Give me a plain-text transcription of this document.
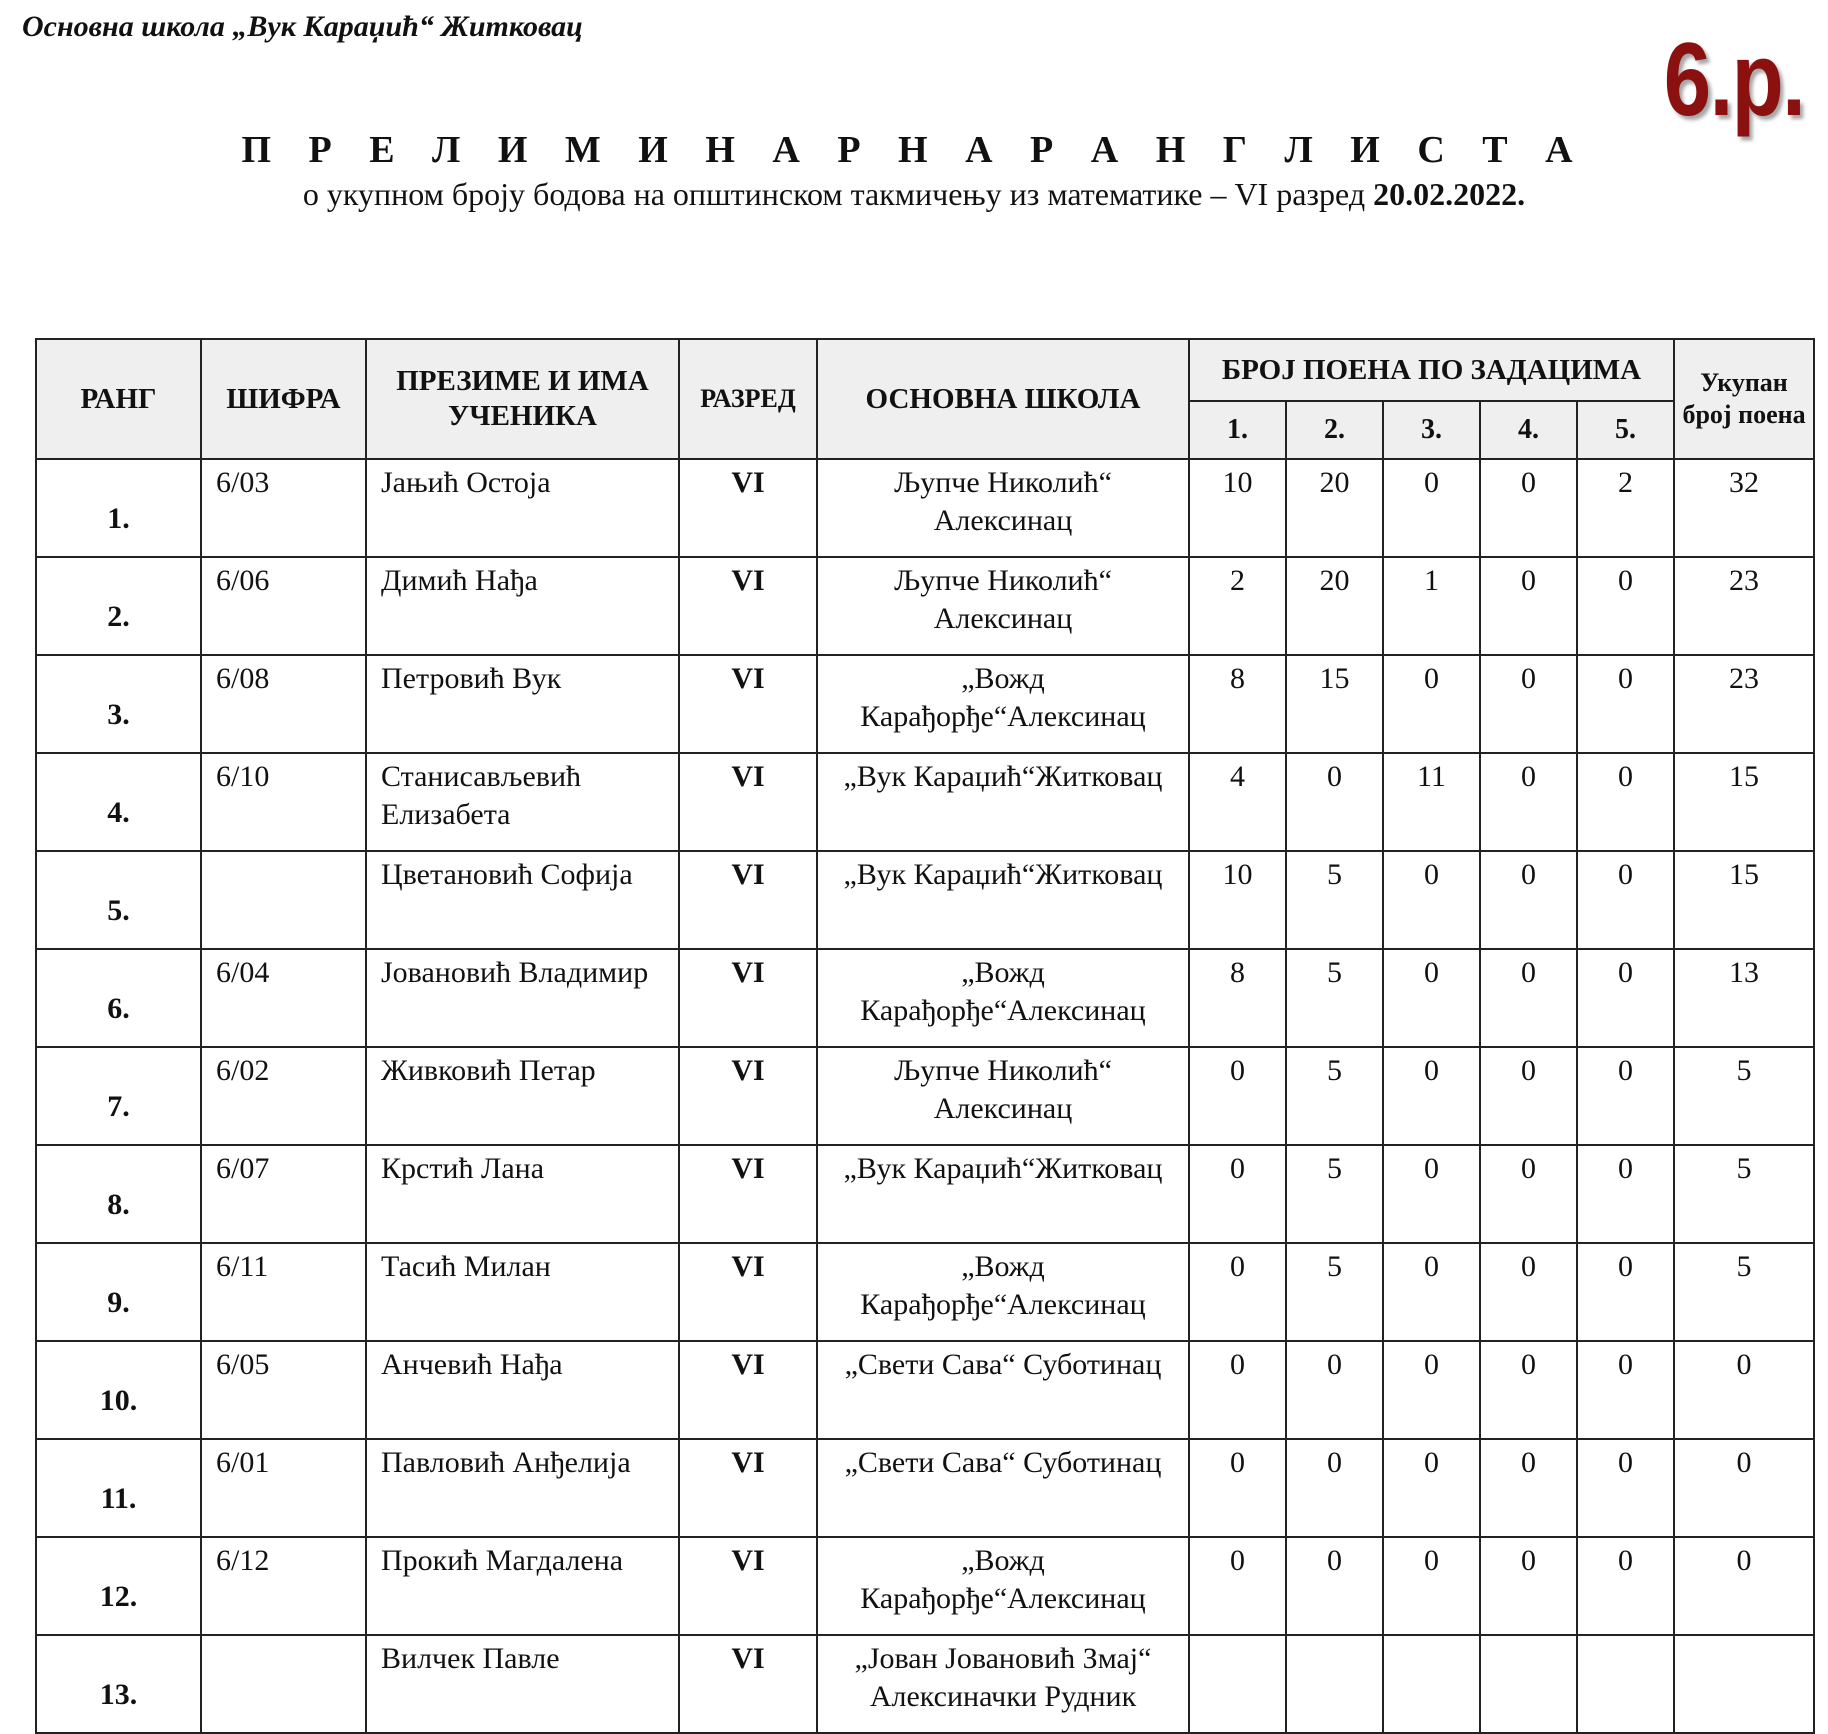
Основна школа „Вук Караџић“ Житковац	6.р.
П Р Е Л И М И Н А Р Н А Р А Н Г Л И С Т А
о укупном броју бодова на општинском такмичењу из математике – VI разред 20.02.2022.
РАНГ	ШИФРА	ПРЕЗИМЕ И ИМА УЧЕНИКА	РАЗРЕД	ОСНОВНА ШКОЛА	БРОЈ ПОЕНА ПО ЗАДАЦИМА					Укупан број поена
					1.	2.	3.	4.	5.	
1.	6/03	Јањић Остоја	VI	Љупче Николић“ Алексинац	10	20	0	0	2	32
2.	6/06	Димић Нађа	VI	Љупче Николић“ Алексинац	2	20	1	0	0	23
3.	6/08	Петровић Вук	VI	„Вожд Карађорђе“Алексинац	8	15	0	0	0	23
4.	6/10	Станисављевић Елизабета	VI	„Вук Караџић“Житковац	4	0	11	0	0	15
5.		Цветановић Софија	VI	„Вук Караџић“Житковац	10	5	0	0	0	15
6.	6/04	Јовановић Владимир	VI	„Вожд Карађорђе“Алексинац	8	5	0	0	0	13
7.	6/02	Живковић Петар	VI	Љупче Николић“ Алексинац	0	5	0	0	0	5
8.	6/07	Крстић Лана	VI	„Вук Караџић“Житковац	0	5	0	0	0	5
9.	6/11	Тасић Милан	VI	„Вожд Карађорђе“Алексинац	0	5	0	0	0	5
10.	6/05	Анчевић Нађа	VI	„Свети Сава“ Суботинац	0	0	0	0	0	0
11.	6/01	Павловић Анђелија	VI	„Свети Сава“ Суботинац	0	0	0	0	0	0
12.	6/12	Прокић Магдалена	VI	„Вожд Карађорђе“Алексинац	0	0	0	0	0	0
13.		Вилчек Павле	VI	„Јован Јовановић Змај“ Алексиначки Рудник						
